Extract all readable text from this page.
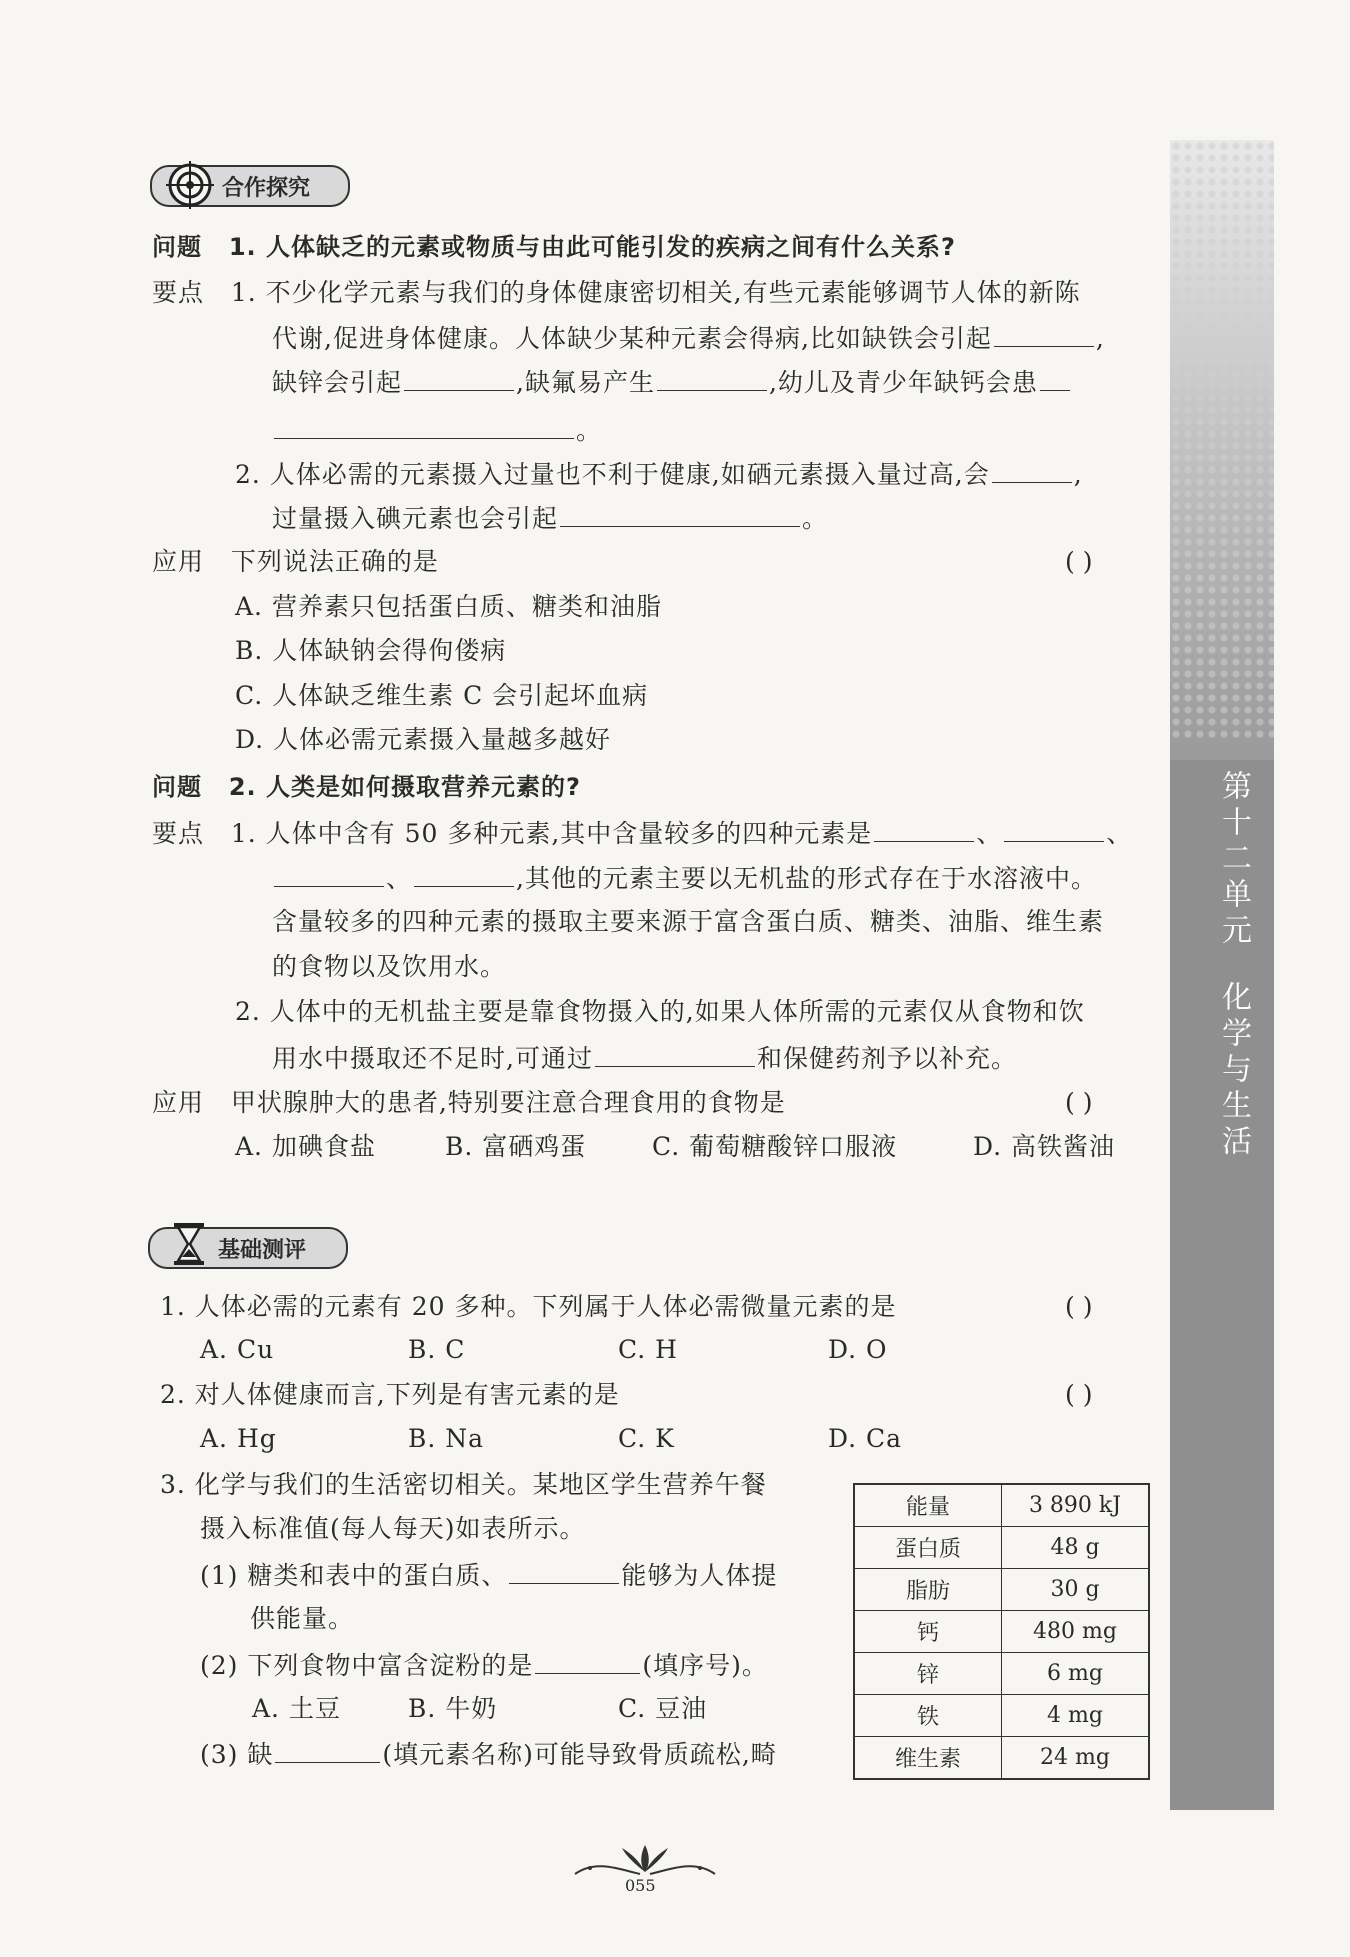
第十二单元  化学与生活
合作探究
问题 1. 人体缺乏的元素或物质与由此可能引发的疾病之间有什么关系?
要点 1. 不少化学元素与我们的身体健康密切相关,有些元素能够调节人体的新陈
代谢,促进身体健康。人体缺少某种元素会得病,比如缺铁会引起	,
缺锌会引起	,缺氟易产生	,幼儿及青少年缺钙会患
。
2. 人体必需的元素摄入过量也不利于健康,如硒元素摄入量过高,会	,
过量摄入碘元素也会引起	。
应用 下列说法正确的是	( )
A. 营养素只包括蛋白质、糖类和油脂
B. 人体缺钠会得佝偻病
C. 人体缺乏维生素 C 会引起坏血病
D. 人体必需元素摄入量越多越好
问题 2. 人类是如何摄取营养元素的?
要点 1. 人体中含有 50 多种元素,其中含量较多的四种元素是	、	、
、	,其他的元素主要以无机盐的形式存在于水溶液中。
含量较多的四种元素的摄取主要来源于富含蛋白质、糖类、油脂、维生素
的食物以及饮用水。
2. 人体中的无机盐主要是靠食物摄入的,如果人体所需的元素仅从食物和饮
用水中摄取还不足时,可通过	和保健药剂予以补充。
应用 甲状腺肿大的患者,特别要注意合理食用的食物是	( )
A. 加碘食盐	B. 富硒鸡蛋	C. 葡萄糖酸锌口服液	D. 高铁酱油
基础测评
1. 人体必需的元素有 20 多种。下列属于人体必需微量元素的是	( )
A. Cu	B. C	C. H	D. O
2. 对人体健康而言,下列是有害元素的是	( )
A. Hg	B. Na	C. K	D. Ca
3. 化学与我们的生活密切相关。某地区学生营养午餐
摄入标准值(每人每天)如表所示。
(1) 糖类和表中的蛋白质、	能够为人体提
供能量。
(2) 下列食物中富含淀粉的是	(填序号)。
A. 土豆	B. 牛奶	C. 豆油
(3) 缺	(填元素名称)可能导致骨质疏松,畸
能量	3 890 kJ
蛋白质	48 g
脂肪	30 g
钙	480 mg
锌	6 mg
铁	4 mg
维生素	24 mg
055
